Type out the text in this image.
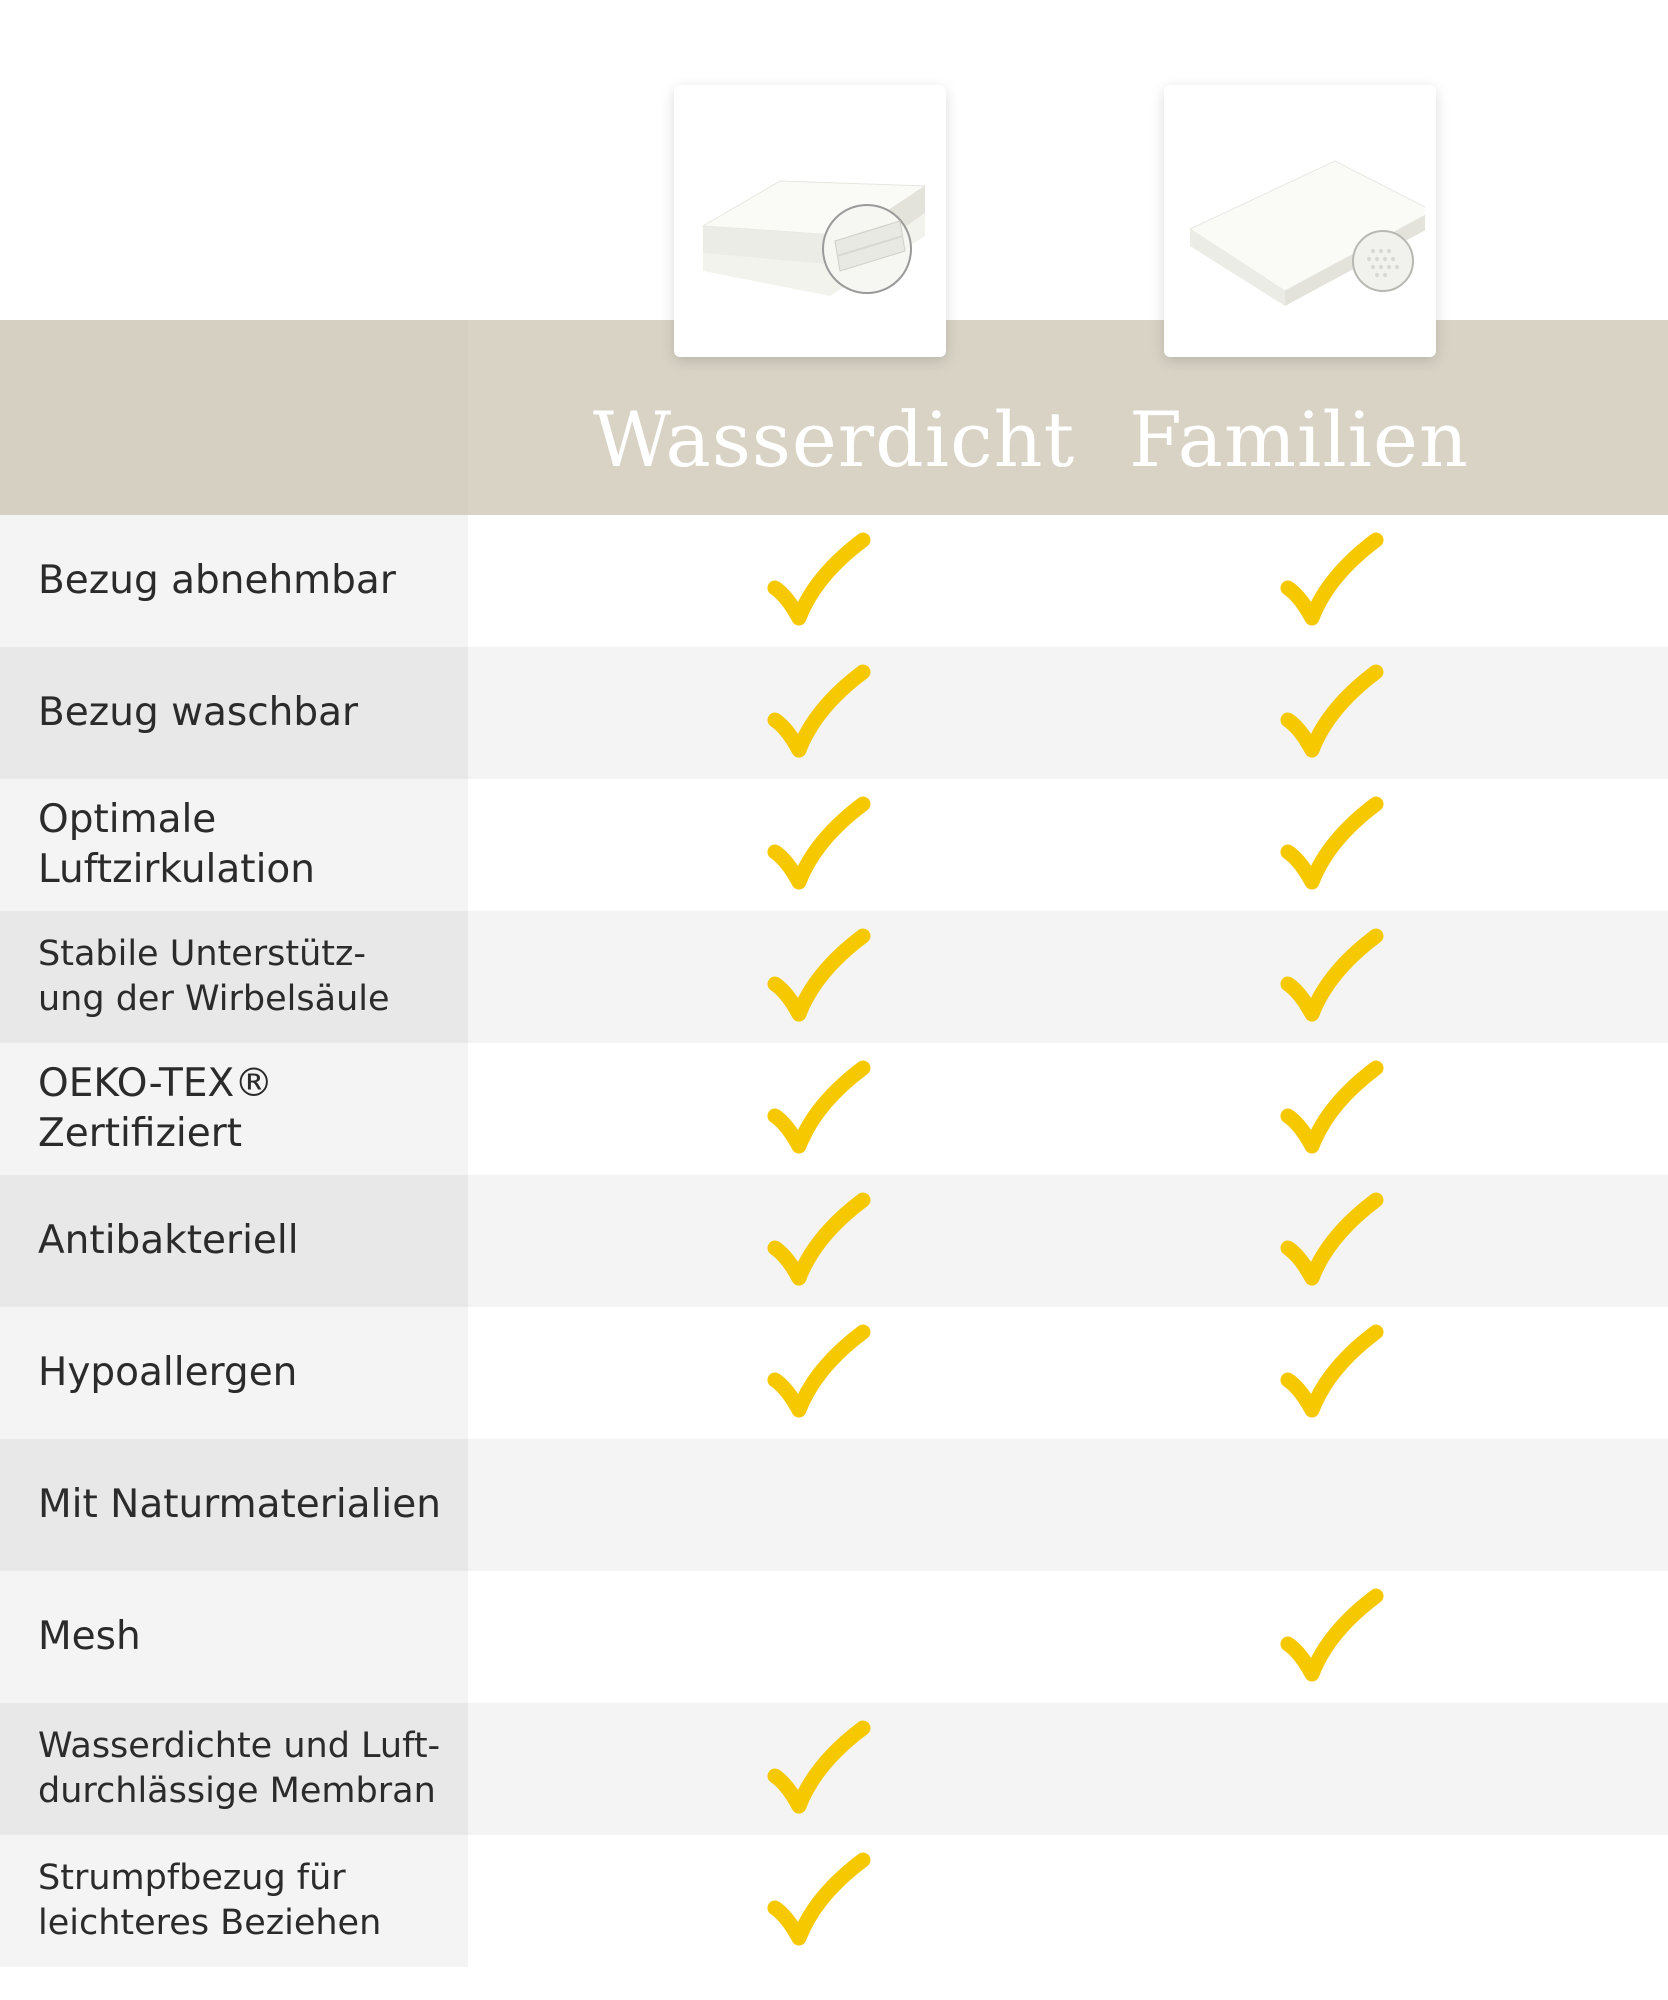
Wasserdicht Familien
Bezug abnehmbar
Bezug waschbar
Optimale
Luftzirkulation
Stabile Unterstütz-
ung der Wirbelsäule
OEKO-TEX®
Zertifiziert
Antibakteriell
Hypoallergen
Mit Naturmaterialien
Mesh
Wasserdichte und Luft-
durchlässige Membran
Strumpfbezug für
leichteres Beziehen
